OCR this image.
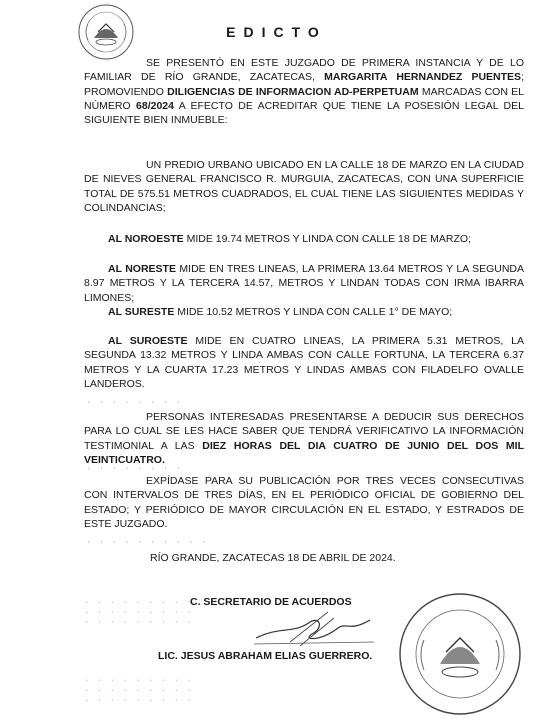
EDICTO

SE PRESENTÓ EN ESTE JUZGADO DE PRIMERA INSTANCIA Y DE LO FAMILIAR DE RÍO GRANDE, ZACATECAS, MARGARITA HERNANDEZ PUENTES; PROMOVIENDO DILIGENCIAS DE INFORMACION AD-PERPETUAM MARCADAS CON EL NÚMERO 68/2024 A EFECTO DE ACREDITAR QUE TIENE LA POSESIÓN LEGAL DEL SIGUIENTE BIEN INMUEBLE:

UN PREDIO URBANO UBICADO EN LA CALLE 18 DE MARZO EN LA CIUDAD DE NIEVES GENERAL FRANCISCO R. MURGUIA, ZACATECAS, CON UNA SUPERFICIE TOTAL DE 575.51 METROS CUADRADOS, EL CUAL TIENE LAS SIGUIENTES MEDIDAS Y COLINDANCIAS;

AL NOROESTE MIDE 19.74 METROS Y LINDA CON CALLE 18 DE MARZO;

AL NORESTE MIDE EN TRES LINEAS, LA PRIMERA 13.64 METROS Y LA SEGUNDA 8.97 METROS Y LA TERCERA 14.57, METROS Y LINDAN TODAS CON IRMA IBARRA LIMONES;

AL SURESTE MIDE 10.52 METROS Y LINDA CON CALLE 1° DE MAYO;

AL SUROESTE MIDE EN CUATRO LINEAS, LA PRIMERA 5.31 METROS, LA SEGUNDA 13.32 METROS Y LINDA AMBAS CON CALLE FORTUNA, LA TERCERA 6.37 METROS Y LA CUARTA 17.23 METROS Y LINDAS AMBAS CON FILADELFO OVALLE LANDEROS.

· · · · · · · ·
· · · · · · · ·
· · · · · · · · · ·
· · · · · · · · ·
· · · · · · · · ·
· · · · · · · · ·
· · · · · · · · ·
· · · · · · · · ·
· · · · · · · · ·

PERSONAS INTERESADAS PRESENTARSE A DEDUCIR SUS DERECHOS PARA LO CUAL SE LES HACE SABER QUE TENDRÁ VERIFICATIVO LA INFORMACIÓN TESTIMONIAL A LAS DIEZ HORAS DEL DIA CUATRO DE JUNIO DEL DOS MIL VEINTICUATRO.

EXPÍDASE PARA SU PUBLICACIÓN POR TRES VECES CONSECUTIVAS CON INTERVALOS DE TRES DÍAS, EN EL PERIÓDICO OFICIAL DE GOBIERNO DEL ESTADO; Y PERIÓDICO DE MAYOR CIRCULACIÓN EN EL ESTADO, Y ESTRADOS DE ESTE JUZGADO.

RÍO GRANDE, ZACATECAS 18 DE ABRIL DE 2024.
C. SECRETARIO DE ACUERDOS
LIC. JESUS ABRAHAM ELIAS GUERRERO.
